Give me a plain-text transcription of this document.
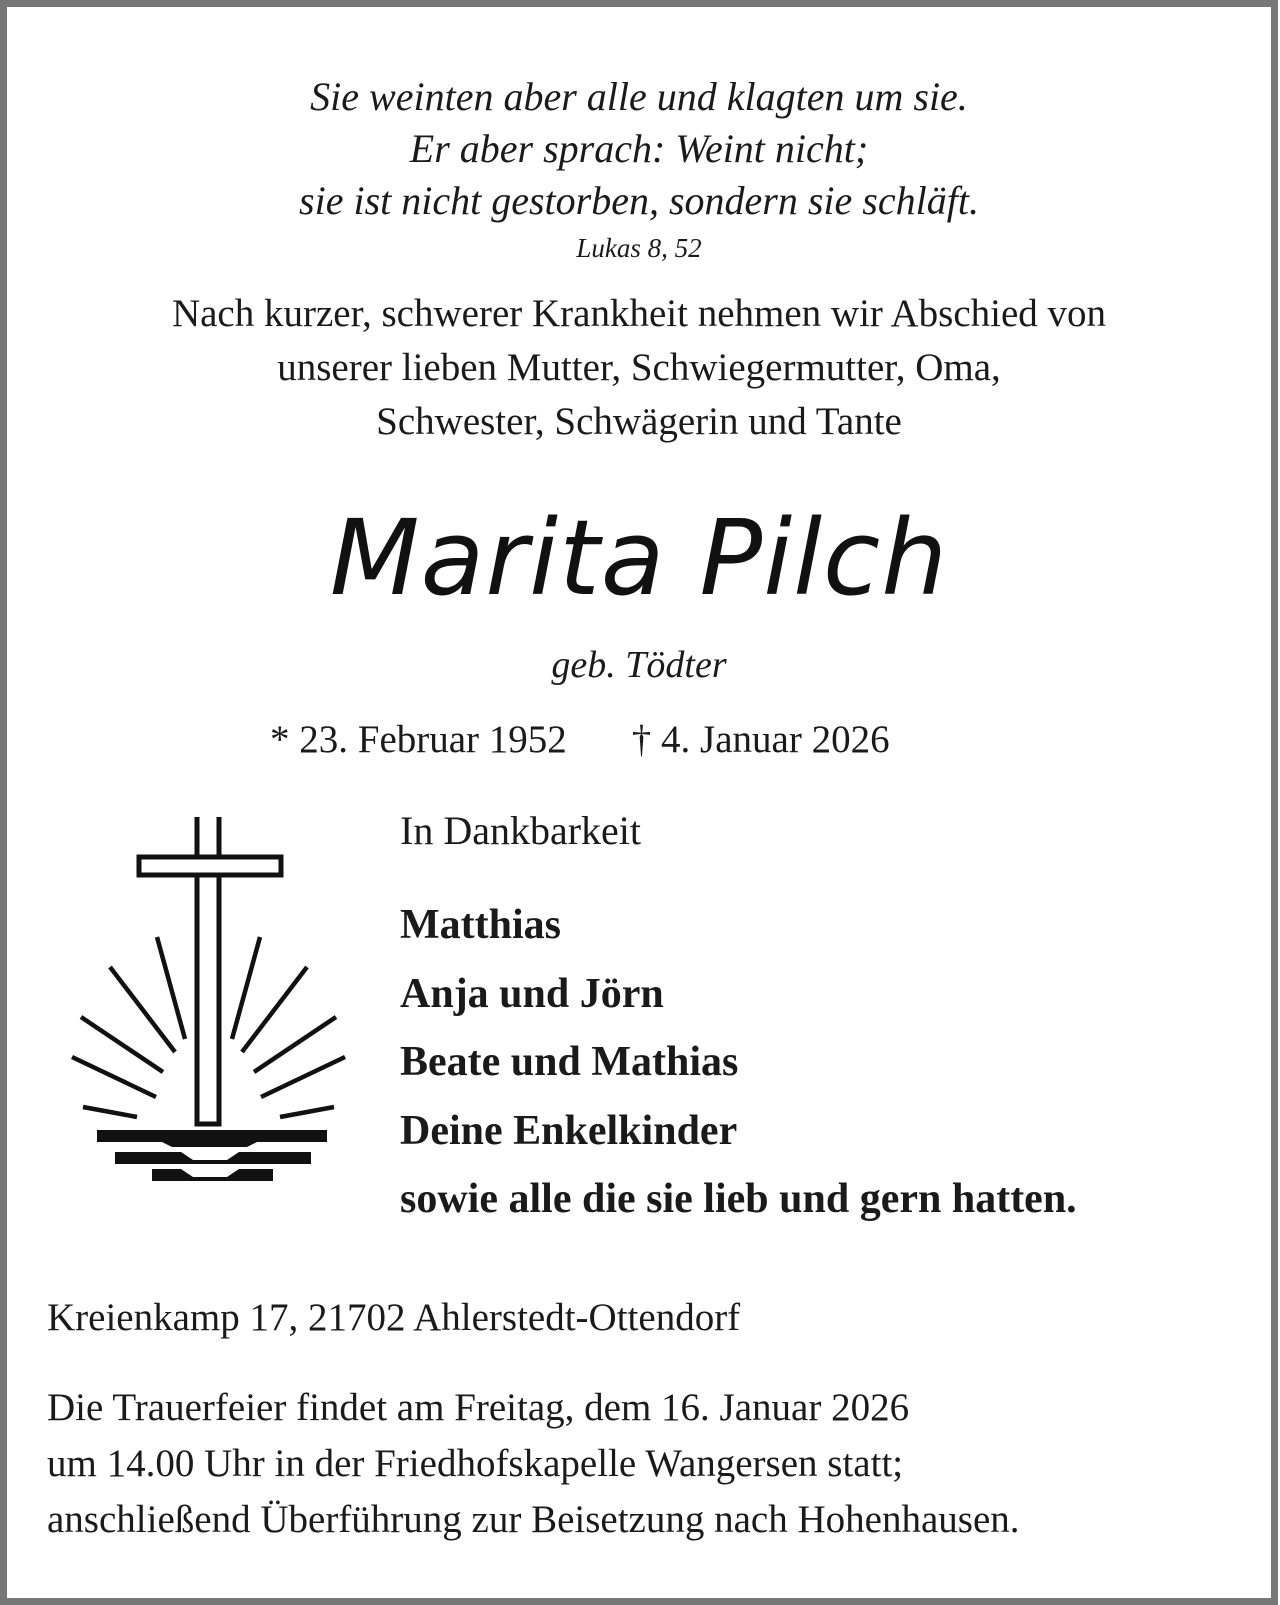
Sie weinten aber alle und klagten um sie.
Er aber sprach: Weint nicht;
sie ist nicht gestorben, sondern sie schläft.
Lukas 8, 52
Nach kurzer, schwerer Krankheit nehmen wir Abschied von
unserer lieben Mutter, Schwiegermutter, Oma,
Schwester, Schwägerin und Tante
Marita Pilch
geb. Tödter
* 23. Februar 1952 † 4. Januar 2026
In Dankbarkeit
Matthias
Anja und Jörn
Beate und Mathias
Deine Enkelkinder
sowie alle die sie lieb und gern hatten.
Kreienkamp 17, 21702 Ahlerstedt-Ottendorf
Die Trauerfeier findet am Freitag, dem 16. Januar 2026
um 14.00 Uhr in der Friedhofskapelle Wangersen statt;
anschließend Überführung zur Beisetzung nach Hohenhausen.
